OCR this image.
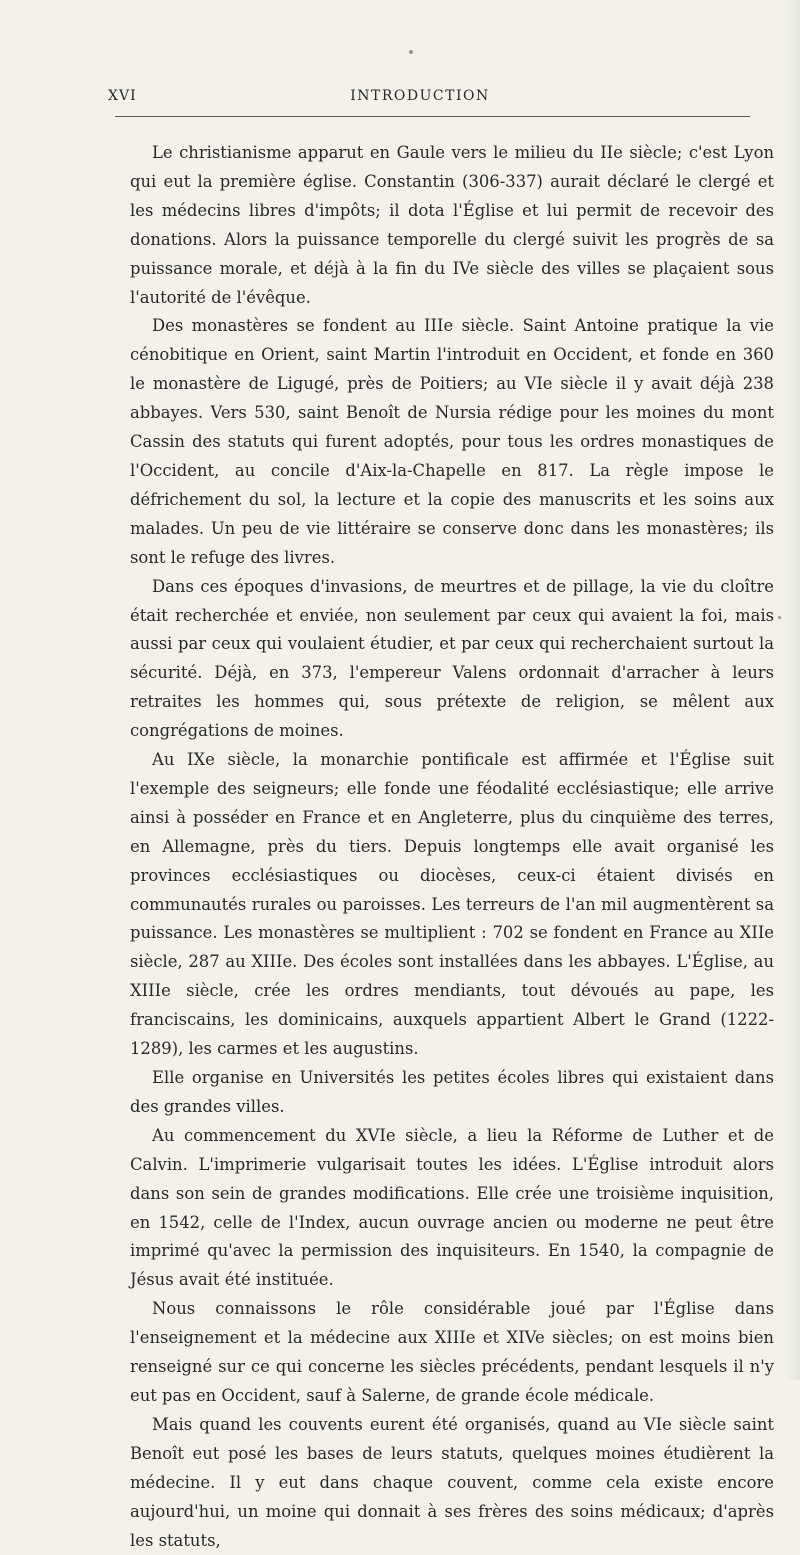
XVI	INTRODUCTION

Le christianisme apparut en Gaule vers le milieu du IIe siècle; c'est Lyon qui eut la première église. Constantin (306-337) aurait déclaré le clergé et les médecins libres d'impôts; il dota l'Église et lui permit de recevoir des donations. Alors la puissance temporelle du clergé suivit les progrès de sa puissance morale, et déjà à la fin du IVe siècle des villes se plaçaient sous l'autorité de l'évêque.

Des monastères se fondent au IIIe siècle. Saint Antoine pratique la vie cénobitique en Orient, saint Martin l'introduit en Occident, et fonde en 360 le monastère de Ligugé, près de Poitiers; au VIe siècle il y avait déjà 238 abbayes. Vers 530, saint Benoît de Nursia rédige pour les moines du mont Cassin des statuts qui furent adoptés, pour tous les ordres monastiques de l'Occident, au concile d'Aix-la-Chapelle en 817. La règle impose le défrichement du sol, la lecture et la copie des manuscrits et les soins aux malades. Un peu de vie littéraire se conserve donc dans les monastères; ils sont le refuge des livres.

Dans ces époques d'invasions, de meurtres et de pillage, la vie du cloître était recherchée et enviée, non seulement par ceux qui avaient la foi, mais aussi par ceux qui voulaient étudier, et par ceux qui recherchaient surtout la sécurité. Déjà, en 373, l'empereur Valens ordonnait d'arracher à leurs retraites les hommes qui, sous prétexte de religion, se mêlent aux congrégations de moines.

Au IXe siècle, la monarchie pontificale est affirmée et l'Église suit l'exemple des seigneurs; elle fonde une féodalité ecclésiastique; elle arrive ainsi à posséder en France et en Angleterre, plus du cinquième des terres, en Allemagne, près du tiers. Depuis longtemps elle avait organisé les provinces ecclésiastiques ou diocèses, ceux-ci étaient divisés en communautés rurales ou paroisses. Les terreurs de l'an mil augmentèrent sa puissance. Les monastères se multiplient : 702 se fondent en France au XIIe siècle, 287 au XIIIe. Des écoles sont installées dans les abbayes. L'Église, au XIIIe siècle, crée les ordres mendiants, tout dévoués au pape, les franciscains, les dominicains, auxquels appartient Albert le Grand (1222-1289), les carmes et les augustins.

Elle organise en Universités les petites écoles libres qui existaient dans des grandes villes.

Au commencement du XVIe siècle, a lieu la Réforme de Luther et de Calvin. L'imprimerie vulgarisait toutes les idées. L'Église introduit alors dans son sein de grandes modifications. Elle crée une troisième inquisition, en 1542, celle de l'Index, aucun ouvrage ancien ou moderne ne peut être imprimé qu'avec la permission des inquisiteurs. En 1540, la compagnie de Jésus avait été instituée.

Nous connaissons le rôle considérable joué par l'Église dans l'enseignement et la médecine aux XIIIe et XIVe siècles; on est moins bien renseigné sur ce qui concerne les siècles précédents, pendant lesquels il n'y eut pas en Occident, sauf à Salerne, de grande école médicale.

Mais quand les couvents eurent été organisés, quand au VIe siècle saint Benoît eut posé les bases de leurs statuts, quelques moines étudièrent la médecine. Il y eut dans chaque couvent, comme cela existe encore aujourd'hui, un moine qui donnait à ses frères des soins médicaux; d'après les statuts,
